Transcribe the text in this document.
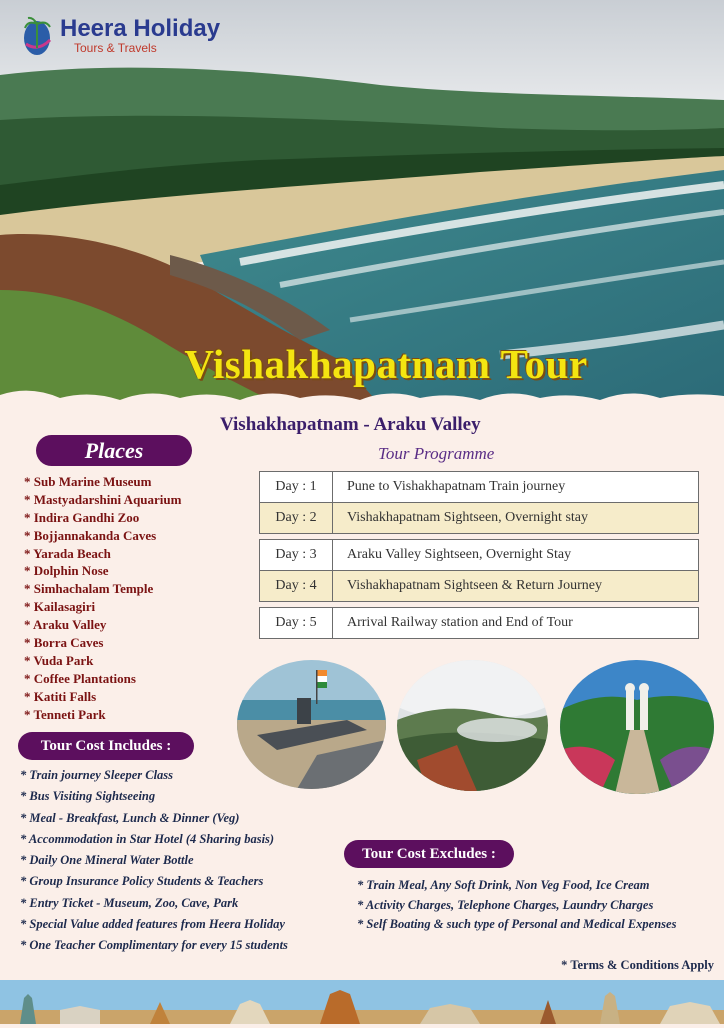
Heera Holiday
Tours & Travels
Vishakhapatnam Tour
Vishakhapatnam - Araku Valley
Tour Programme
Places
* Sub Marine Museum
* Mastyadarshini Aquarium
* Indira Gandhi Zoo
* Bojjannakanda Caves
* Yarada Beach
* Dolphin Nose
* Simhachalam Temple
* Kailasagiri
* Araku Valley
* Borra Caves
* Vuda Park
* Coffee Plantations
* Katiti Falls
* Tenneti Park
Day : 1	Pune to Vishakhapatnam Train journey
Day : 2	Vishakhapatnam Sightseen, Overnight stay

Day : 3	Araku Valley Sightseen, Overnight Stay
Day : 4	Vishakhapatnam Sightseen & Return Journey

Day : 5	Arrival Railway station and End of Tour
Tour Cost Includes :
* Train journey Sleeper Class
* Bus Visiting Sightseeing
* Meal - Breakfast, Lunch & Dinner (Veg)
* Accommodation in Star Hotel (4 Sharing basis)
* Daily One Mineral Water Bottle
* Group Insurance Policy Students & Teachers
* Entry Ticket - Museum, Zoo, Cave, Park
* Special Value added features from Heera Holiday
* One Teacher Complimentary for every 15 students
Tour Cost Excludes :
* Train Meal, Any Soft Drink, Non Veg Food, Ice Cream
* Activity Charges, Telephone Charges, Laundry Charges
* Self Boating & such type of Personal and Medical Expenses
* Terms & Conditions Apply
